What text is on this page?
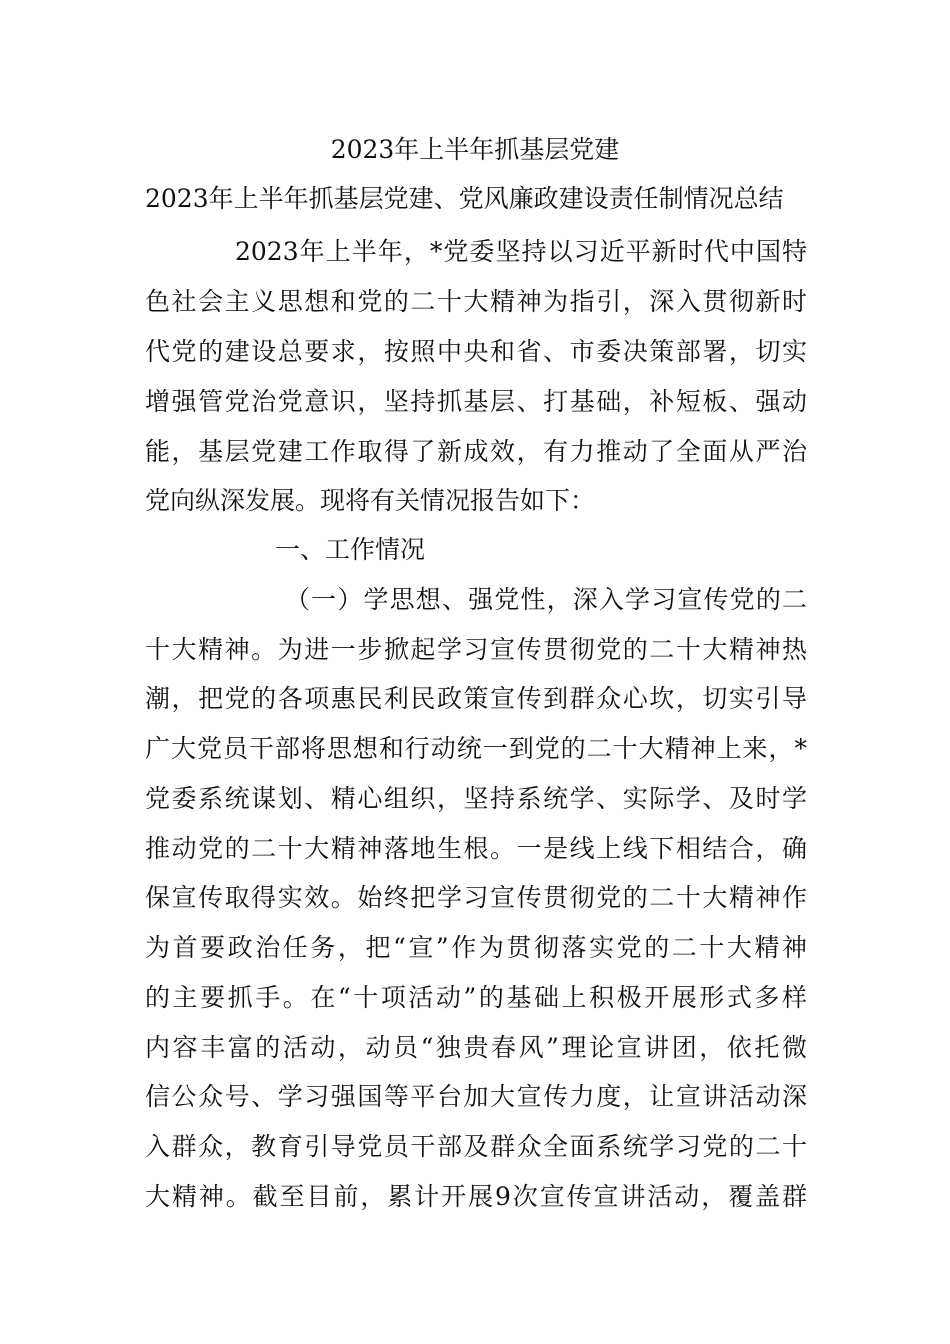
2023年上半年抓基层党建
2023年上半年抓基层党建、党风廉政建设责任制情况总结
2023年上半年，*党委坚持以习近平新时代中国特
色社会主义思想和党的二十大精神为指引，深入贯彻新时
代党的建设总要求，按照中央和省、市委决策部署，切实
增强管党治党意识，坚持抓基层、打基础，补短板、强动
能，基层党建工作取得了新成效，有力推动了全面从严治
党向纵深发展。现将有关情况报告如下：
一、工作情况
（一）学思想、强党性，深入学习宣传党的二
十大精神。为进一步掀起学习宣传贯彻党的二十大精神热
潮，把党的各项惠民利民政策宣传到群众心坎，切实引导
广大党员干部将思想和行动统一到党的二十大精神上来，*
党委系统谋划、精心组织，坚持系统学、实际学、及时学
推动党的二十大精神落地生根。一是线上线下相结合，确
保宣传取得实效。始终把学习宣传贯彻党的二十大精神作
为首要政治任务，把“宣”作为贯彻落实党的二十大精神
的主要抓手。在“十项活动”的基础上积极开展形式多样
内容丰富的活动，动员“独贵春风”理论宣讲团，依托微
信公众号、学习强国等平台加大宣传力度，让宣讲活动深
入群众，教育引导党员干部及群众全面系统学习党的二十
大精神。截至目前，累计开展9次宣传宣讲活动，覆盖群
